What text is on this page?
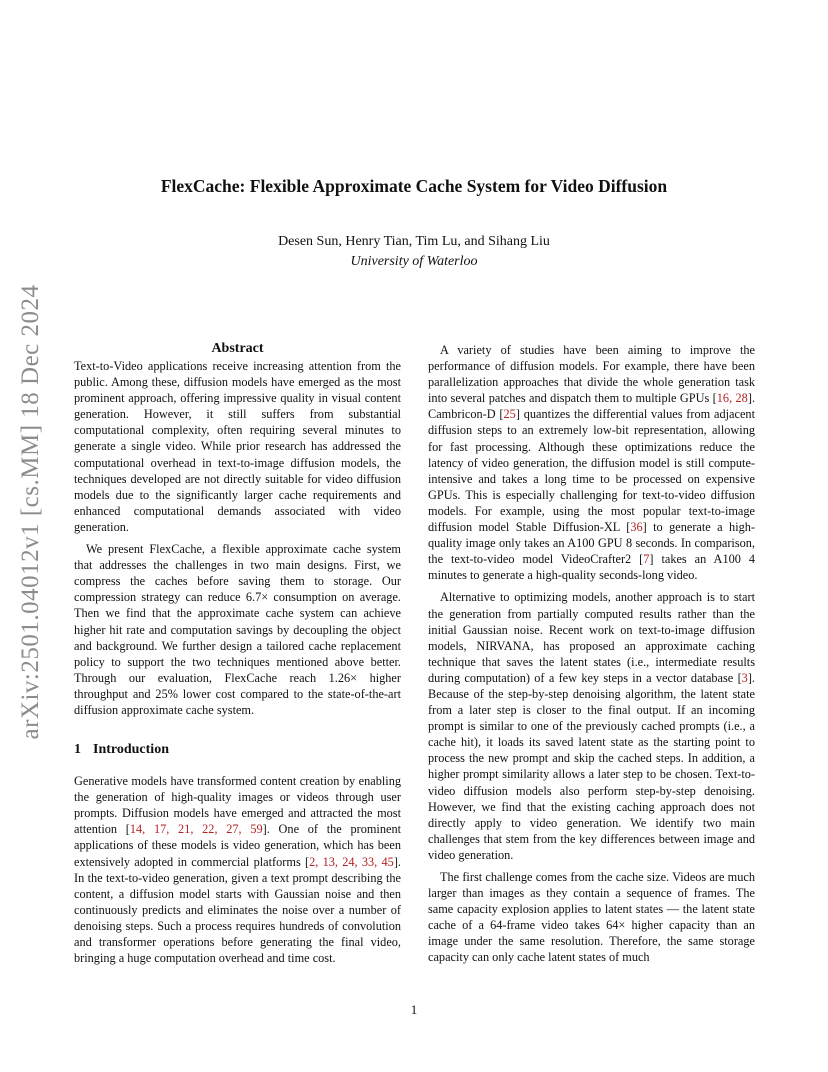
arXiv:2501.04012v1 [cs.MM] 18 Dec 2024
FlexCache: Flexible Approximate Cache System for Video Diffusion
Desen Sun, Henry Tian, Tim Lu, and Sihang Liu
University of Waterloo
Abstract

Text-to-Video applications receive increasing attention from the public. Among these, diffusion models have emerged as the most prominent approach, offering impressive quality in visual content generation. However, it still suffers from substantial computational complexity, often requiring several minutes to generate a single video. While prior research has addressed the computational overhead in text-to-image diffusion models, the techniques developed are not directly suitable for video diffusion models due to the significantly larger cache requirements and enhanced computational demands associated with video generation.

We present FlexCache, a flexible approximate cache system that addresses the challenges in two main designs. First, we compress the caches before saving them to storage. Our compression strategy can reduce 6.7× consumption on average. Then we find that the approximate cache system can achieve higher hit rate and computation savings by decoupling the object and background. We further design a tailored cache replacement policy to support the two techniques mentioned above better. Through our evaluation, FlexCache reach 1.26× higher throughput and 25% lower cost compared to the state-of-the-art diffusion approximate cache system.

1 Introduction

Generative models have transformed content creation by enabling the generation of high-quality images or videos through user prompts. Diffusion models have emerged and attracted the most attention [14, 17, 21, 22, 27, 59]. One of the prominent applications of these models is video generation, which has been extensively adopted in commercial platforms [2, 13, 24, 33, 45]. In the text-to-video generation, given a text prompt describing the content, a diffusion model starts with Gaussian noise and then continuously predicts and eliminates the noise over a number of denoising steps. Such a process requires hundreds of convolution and transformer operations before generating the final video, bringing a huge computation overhead and time cost.

A variety of studies have been aiming to improve the performance of diffusion models. For example, there have been parallelization approaches that divide the whole generation task into several patches and dispatch them to multiple GPUs [16, 28]. Cambricon-D [25] quantizes the differential values from adjacent diffusion steps to an extremely low-bit representation, allowing for fast processing. Although these optimizations reduce the latency of video generation, the diffusion model is still compute-intensive and takes a long time to be processed on expensive GPUs. This is especially challenging for text-to-video diffusion models. For example, using the most popular text-to-image diffusion model Stable Diffusion-XL [36] to generate a high-quality image only takes an A100 GPU 8 seconds. In comparison, the text-to-video model VideoCrafter2 [7] takes an A100 4 minutes to generate a high-quality seconds-long video.

Alternative to optimizing models, another approach is to start the generation from partially computed results rather than the initial Gaussian noise. Recent work on text-to-image diffusion models, NIRVANA, has proposed an approximate caching technique that saves the latent states (i.e., intermediate results during computation) of a few key steps in a vector database [3]. Because of the step-by-step denoising algorithm, the latent state from a later step is closer to the final output. If an incoming prompt is similar to one of the previously cached prompts (i.e., a cache hit), it loads its saved latent state as the starting point to process the new prompt and skip the cached steps. In addition, a higher prompt similarity allows a later step to be chosen. Text-to-video diffusion models also perform step-by-step denoising. However, we find that the existing caching approach does not directly apply to video generation. We identify two main challenges that stem from the key differences between image and video generation.

The first challenge comes from the cache size. Videos are much larger than images as they contain a sequence of frames. The same capacity explosion applies to latent states — the latent state cache of a 64-frame video takes 64× higher capacity than an image under the same resolution. Therefore, the same storage capacity can only cache latent states of much

1
